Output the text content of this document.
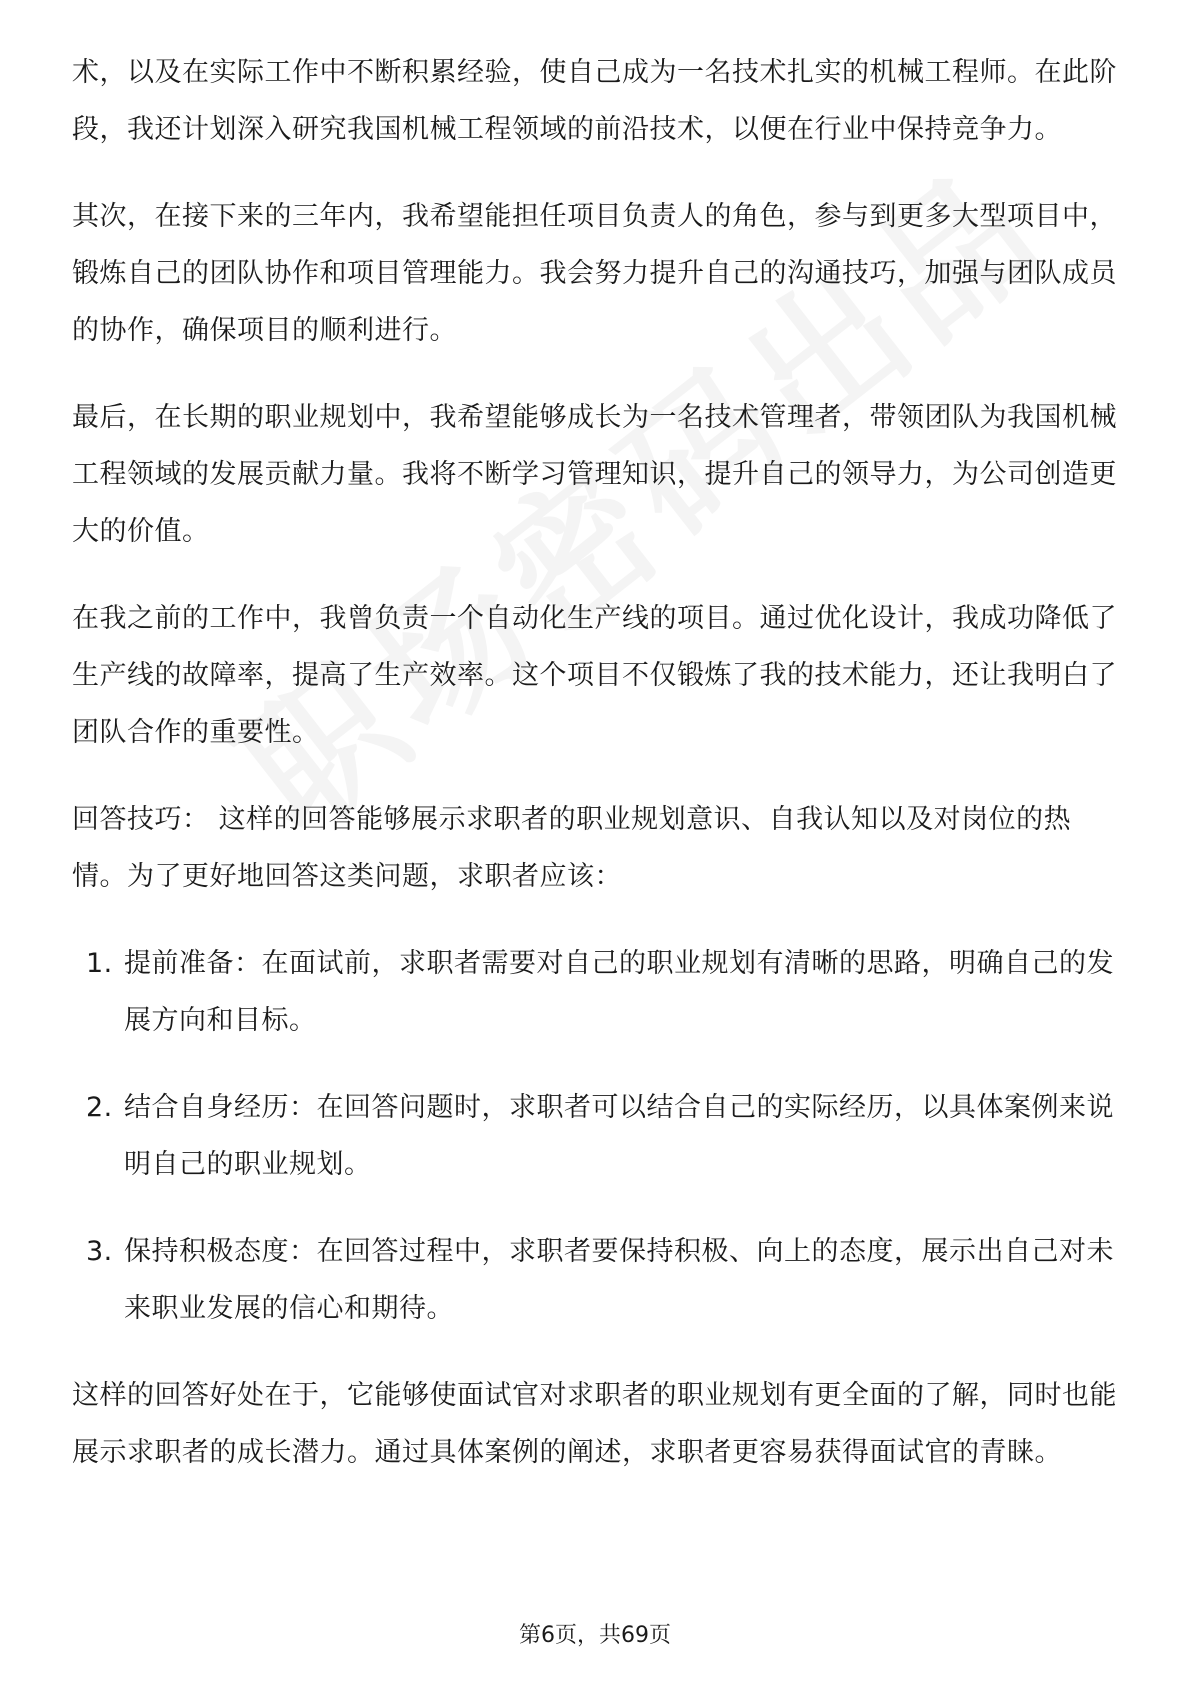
术，以及在实际工作中不断积累经验，使自己成为一名技术扎实的机械工程师。在此阶段，我还计划深入研究我国机械工程领域的前沿技术，以便在行业中保持竞争力。

其次，在接下来的三年内，我希望能担任项目负责人的角色，参与到更多大型项目中，锻炼自己的团队协作和项目管理能力。我会努力提升自己的沟通技巧，加强与团队成员的协作，确保项目的顺利进行。

最后，在长期的职业规划中，我希望能够成长为一名技术管理者，带领团队为我国机械工程领域的发展贡献力量。我将不断学习管理知识，提升自己的领导力，为公司创造更大的价值。

在我之前的工作中，我曾负责一个自动化生产线的项目。通过优化设计，我成功降低了生产线的故障率，提高了生产效率。这个项目不仅锻炼了我的技术能力，还让我明白了团队合作的重要性。

回答技巧： 这样的回答能够展示求职者的职业规划意识、自我认知以及对岗位的热情。为了更好地回答这类问题，求职者应该：

1. 提前准备：在面试前，求职者需要对自己的职业规划有清晰的思路，明确自己的发展方向和目标。
2. 结合自身经历：在回答问题时，求职者可以结合自己的实际经历，以具体案例来说明自己的职业规划。
3. 保持积极态度：在回答过程中，求职者要保持积极、向上的态度，展示出自己对未来职业发展的信心和期待。

这样的回答好处在于，它能够使面试官对求职者的职业规划有更全面的了解，同时也能展示求职者的成长潜力。通过具体案例的阐述，求职者更容易获得面试官的青睐。

第6页，共69页
